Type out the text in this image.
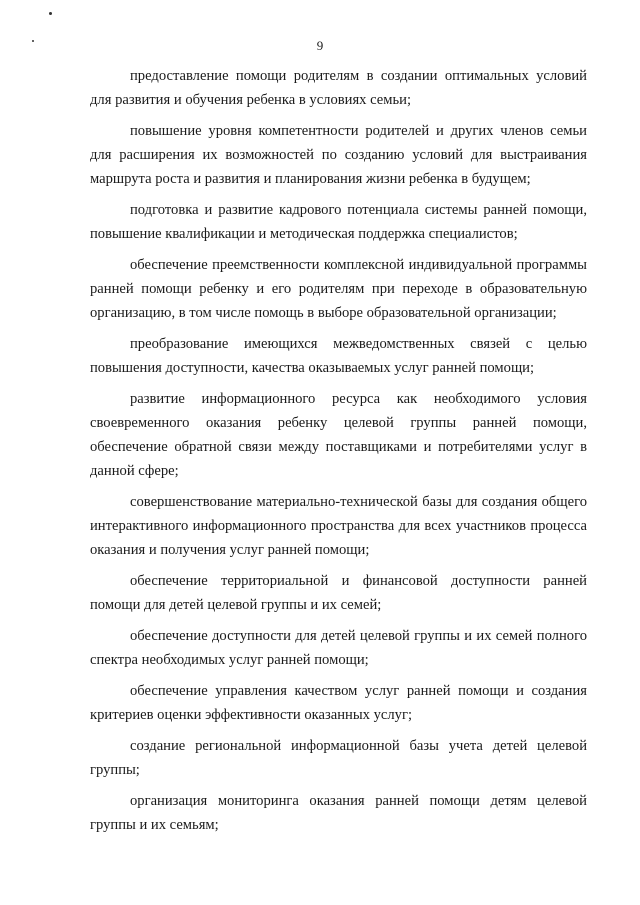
9

предоставление помощи родителям в создании оптимальных условий для развития и обучения ребенка в условиях семьи;

повышение уровня компетентности родителей и других членов семьи для расширения их возможностей по созданию условий для выстраивания маршрута роста и развития и планирования жизни ребенка в будущем;

подготовка и развитие кадрового потенциала системы ранней помощи, повышение квалификации и методическая поддержка специалистов;

обеспечение преемственности комплексной индивидуальной программы ранней помощи ребенку и его родителям при переходе в образовательную организацию, в том числе помощь в выборе образовательной организации;

преобразование имеющихся межведомственных связей с целью повышения доступности, качества оказываемых услуг ранней помощи;

развитие информационного ресурса как необходимого условия своевременного оказания ребенку целевой группы ранней помощи, обеспечение обратной связи между поставщиками и потребителями услуг в данной сфере;

совершенствование материально-технической базы для создания общего интерактивного информационного пространства для всех участников процесса оказания и получения услуг ранней помощи;

обеспечение территориальной и финансовой доступности ранней помощи для детей целевой группы и их семей;

обеспечение доступности для детей целевой группы и их семей полного спектра необходимых услуг ранней помощи;

обеспечение управления качеством услуг ранней помощи и создания критериев оценки эффективности оказанных услуг;

создание региональной информационной базы учета детей целевой группы;

организация мониторинга оказания ранней помощи детям целевой группы и их семьям;
